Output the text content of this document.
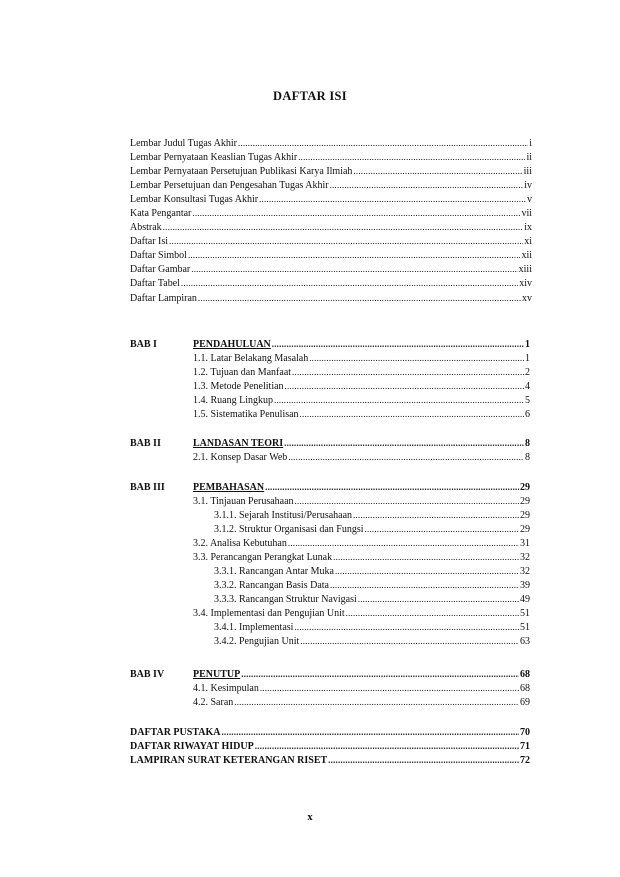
DAFTAR ISI
Lembar Judul Tugas Akhir .....	i
Lembar Pernyataan Keaslian Tugas Akhir .....	ii
Lembar Pernyataan Persetujuan Publikasi Karya Ilmiah .....	iii
Lembar Persetujuan dan Pengesahan Tugas Akhir .....	iv
Lembar Konsultasi Tugas Akhir .....	v
Kata Pengantar .....	vii
Abstrak .....	ix
Daftar Isi .....	xi
Daftar Simbol .....	xii
Daftar Gambar .....	xiii
Daftar Tabel .....	xiv
Daftar Lampiran .....	xv
BAB I	PENDAHULUAN .....	1
1.1. Latar Belakang Masalah .....	1
1.2. Tujuan dan Manfaat .....	2
1.3. Metode Penelitian .....	4
1.4. Ruang Lingkup .....	5
1.5. Sistematika Penulisan .....	6
BAB II	LANDASAN TEORI .....	8
2.1. Konsep Dasar Web .....	8
BAB III	PEMBAHASAN .....	29
3.1. Tinjauan Perusahaan .....	29
3.1.1. Sejarah Institusi/Perusahaan .....	29
3.1.2. Struktur Organisasi dan Fungsi .....	29
3.2. Analisa Kebutuhan .....	31
3.3. Perancangan Perangkat Lunak .....	32
3.3.1. Rancangan Antar Muka .....	32
3.3.2. Rancangan Basis Data .....	39
3.3.3. Rancangan Struktur Navigasi .....	49
3.4. Implementasi dan Pengujian Unit .....	51
3.4.1. Implementasi .....	51
3.4.2. Pengujian Unit .....	63
BAB IV	PENUTUP .....	68
4.1. Kesimpulan .....	68
4.2. Saran .....	69
DAFTAR PUSTAKA .....	70
DAFTAR RIWAYAT HIDUP .....	71
LAMPIRAN SURAT KETERANGAN RISET .....	72
x
